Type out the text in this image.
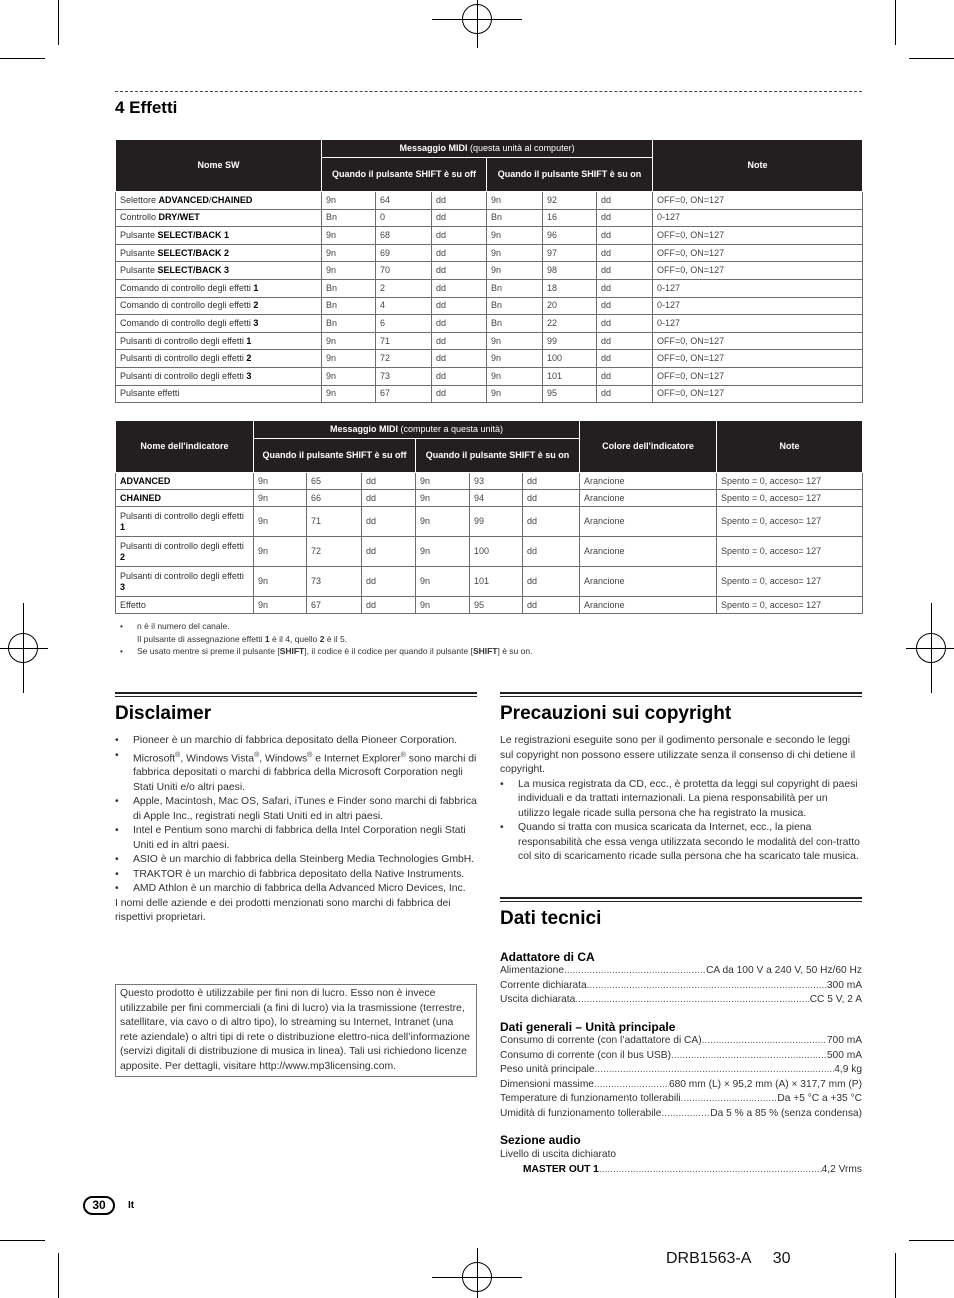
4 Effetti
Nome SW	Messaggio MIDI (questa unità al computer)						Note
	Quando il pulsante SHIFT è su off			Quando il pulsante SHIFT è su on			
Selettore ADVANCED/CHAINED	9n	64	dd	9n	92	dd	OFF=0, ON=127
Controllo DRY/WET	Bn	0	dd	Bn	16	dd	0-127
Pulsante SELECT/BACK 1	9n	68	dd	9n	96	dd	OFF=0, ON=127
Pulsante SELECT/BACK 2	9n	69	dd	9n	97	dd	OFF=0, ON=127
Pulsante SELECT/BACK 3	9n	70	dd	9n	98	dd	OFF=0, ON=127
Comando di controllo degli effetti 1	Bn	2	dd	Bn	18	dd	0-127
Comando di controllo degli effetti 2	Bn	4	dd	Bn	20	dd	0-127
Comando di controllo degli effetti 3	Bn	6	dd	Bn	22	dd	0-127
Pulsanti di controllo degli effetti 1	9n	71	dd	9n	99	dd	OFF=0, ON=127
Pulsanti di controllo degli effetti 2	9n	72	dd	9n	100	dd	OFF=0, ON=127
Pulsanti di controllo degli effetti 3	9n	73	dd	9n	101	dd	OFF=0, ON=127
Pulsante effetti	9n	67	dd	9n	95	dd	OFF=0, ON=127
Nome dell'indicatore	Messaggio MIDI (computer a questa unità)						Colore dell'indicatore	Note
	Quando il pulsante SHIFT è su off			Quando il pulsante SHIFT è su on				
ADVANCED	9n	65	dd	9n	93	dd	Arancione	Spento = 0, acceso= 127
CHAINED	9n	66	dd	9n	94	dd	Arancione	Spento = 0, acceso= 127
Pulsanti di controllo degli effetti 1	9n	71	dd	9n	99	dd	Arancione	Spento = 0, acceso= 127
Pulsanti di controllo degli effetti 2	9n	72	dd	9n	100	dd	Arancione	Spento = 0, acceso= 127
Pulsanti di controllo degli effetti 3	9n	73	dd	9n	101	dd	Arancione	Spento = 0, acceso= 127
Effetto	9n	67	dd	9n	95	dd	Arancione	Spento = 0, acceso= 127
• n è il numero del canale.
Il pulsante di assegnazione effetti 1 è il 4, quello 2 è il 5.
• Se usato mentre si preme il pulsante [SHIFT], il codice è il codice per quando il pulsante [SHIFT] è su on.
Disclaimer
• Pioneer è un marchio di fabbrica depositato della Pioneer Corporation.
• Microsoft®, Windows Vista®, Windows® e Internet Explorer® sono marchi di fabbrica depositati o marchi di fabbrica della Microsoft Corporation negli Stati Uniti e/o altri paesi.
• Apple, Macintosh, Mac OS, Safari, iTunes e Finder sono marchi di fabbrica di Apple Inc., registrati negli Stati Uniti ed in altri paesi.
• Intel e Pentium sono marchi di fabbrica della Intel Corporation negli Stati Uniti ed in altri paesi.
• ASIO è un marchio di fabbrica della Steinberg Media Technologies GmbH.
• TRAKTOR è un marchio di fabbrica depositato della Native Instruments.
• AMD Athlon è un marchio di fabbrica della Advanced Micro Devices, Inc.
I nomi delle aziende e dei prodotti menzionati sono marchi di fabbrica dei rispettivi proprietari.
Questo prodotto è utilizzabile per fini non di lucro. Esso non è invece utilizzabile per fini commerciali (a fini di lucro) via la trasmissione (terrestre, satellitare, via cavo o di altro tipo), lo streaming su Internet, Intranet (una rete aziendale) o altri tipi di rete o distribuzione elettro-nica dell’informazione (servizi digitali di distribuzione di musica in linea). Tali usi richiedono licenze apposite. Per dettagli, visitare http://www.mp3licensing.com.
Precauzioni sui copyright
Le registrazioni eseguite sono per il godimento personale e secondo le leggi sul copyright non possono essere utilizzate senza il consenso di chi detiene il copyright.
• La musica registrata da CD, ecc., è protetta da leggi sul copyright di paesi individuali e da trattati internazionali. La piena responsabilità per un utilizzo legale ricade sulla persona che ha registrato la musica.
• Quando si tratta con musica scaricata da Internet, ecc., la piena responsabilità che essa venga utilizzata secondo le modalità del con-tratto col sito di scaricamento ricade sulla persona che ha scaricato tale musica.
Dati tecnici
Adattatore di CA
Alimentazione .....	CA da 100 V a 240 V, 50 Hz/60 Hz
Corrente dichiarata .....	300 mA
Uscita dichiarata .....	CC 5 V, 2 A
Dati generali – Unità principale
Consumo di corrente (con l’adattatore di CA) .....	700 mA
Consumo di corrente (con il bus USB) .....	500 mA
Peso unità principale .....	4,9 kg
Dimensioni massime .....	680 mm (L) × 95,2 mm (A) × 317,7 mm (P)
Temperature di funzionamento tollerabili .....	Da +5 °C a +35 °C
Umidità di funzionamento tollerabile .....	Da 5 % a 85 % (senza condensa)
Sezione audio
Livello di uscita dichiarato
MASTER OUT 1 .....	4,2 Vrms
30	It
DRB1563-A     30
